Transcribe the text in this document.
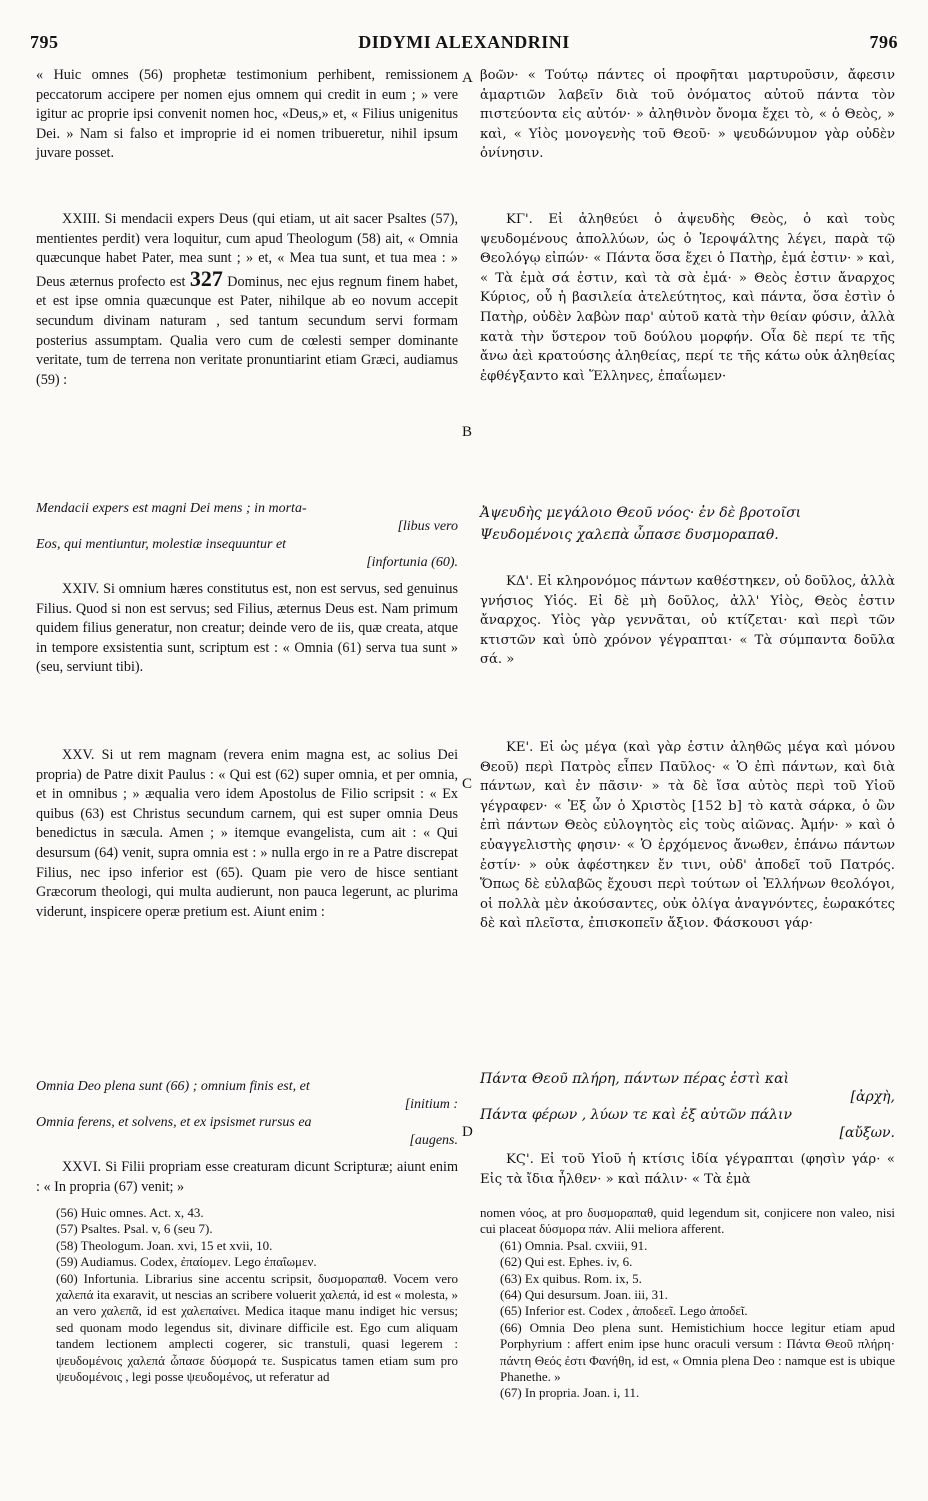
795	DIDYMI ALEXANDRINI	796
A
B
C
D

« Huic omnes (56) prophetæ testimonium perhibent, remissionem peccatorum accipere per nomen ejus omnem qui credit in eum ; » vere igitur ac proprie ipsi convenit nomen hoc, «Deus,» et, « Filius unigenitus Dei. » Nam si falso et improprie id ei nomen tribueretur, nihil ipsum juvare posset.

XXIII. Si mendacii expers Deus (qui etiam, ut ait sacer Psaltes (57), mentientes perdit) vera loquitur, cum apud Theologum (58) ait, « Omnia quæcunque habet Pater, mea sunt ; » et, « Mea tua sunt, et tua mea : » Deus æternus profecto est 327 Dominus, nec ejus regnum finem habet, et est ipse omnia quæcunque est Pater, nihilque ab eo novum accepit secundum divinam naturam , sed tantum secundum servi formam posterius assumptam. Qualia vero cum de cœlesti semper dominante veritate, tum de terrena non veritate pronuntiarint etiam Græci, audiamus (59) :

Mendacii expers est magni Dei mens ; in morta-
[libus vero
Eos, qui mentiuntur, molestiæ insequuntur et
[infortunia (60).

XXIV. Si omnium hæres constitutus est, non est servus, sed genuinus Filius. Quod si non est servus; sed Filius, æternus Deus est. Nam primum quidem filius generatur, non creatur; deinde vero de iis, quæ creata, atque in tempore exsistentia sunt, scriptum est : « Omnia (61) serva tua sunt » (seu, serviunt tibi).

XXV. Si ut rem magnam (revera enim magna est, ac solius Dei propria) de Patre dixit Paulus : « Qui est (62) super omnia, et per omnia, et in omnibus ; » æqualia vero idem Apostolus de Filio scripsit : « Ex quibus (63) est Christus secundum carnem, qui est super omnia Deus benedictus in sæcula. Amen ; » itemque evangelista, cum ait : « Qui desursum (64) venit, supra omnia est : » nulla ergo in re a Patre discrepat Filius, nec ipso inferior est (65). Quam pie vero de hisce sentiant Græcorum theologi, qui multa audierunt, non pauca legerunt, ac plurima viderunt, inspicere operæ pretium est. Aiunt enim :

Omnia Deo plena sunt (66) ; omnium finis est, et
[initium :
Omnia ferens, et solvens, et ex ipsismet rursus ea
[augens.

XXVI. Si Filii propriam esse creaturam dicunt Scripturæ; aiunt enim : « In propria (67) venit; »

βοῶν· « Τούτῳ πάντες οἱ προφῆται μαρτυροῦσιν, ἄφεσιν ἁμαρτιῶν λαβεῖν διὰ τοῦ ὀνόματος αὐτοῦ πάντα τὸν πιστεύοντα εἰς αὐτόν· » ἀληθινὸν ὄνομα ἔχει τὸ, « ὁ Θεὸς, » καὶ, « Υἱὸς μονογενὴς τοῦ Θεοῦ· » ψευδώνυμον γὰρ οὐδὲν ὀνίνησιν.

ΚΓ'. Εἰ ἀληθεύει ὁ ἀψευδὴς Θεὸς, ὁ καὶ τοὺς ψευδομένους ἀπολλύων, ὡς ὁ Ἱεροψάλτης λέγει, παρὰ τῷ Θεολόγῳ εἰπών· « Πάντα ὅσα ἔχει ὁ Πατὴρ, ἐμά ἐστιν· » καὶ, « Τὰ ἐμὰ σά ἐστιν, καὶ τὰ σὰ ἐμά· » Θεὸς ἐστιν ἄναρχος Κύριος, οὗ ἡ βασιλεία ἀτελεύτητος, καὶ πάντα, ὅσα ἐστὶν ὁ Πατὴρ, οὐδὲν λαβὼν παρ' αὐτοῦ κατὰ τὴν θείαν φύσιν, ἀλλὰ κατὰ τὴν ὕστερον τοῦ δούλου μορφήν. Οἷα δὲ περί τε τῆς ἄνω ἀεὶ κρατούσης ἀληθείας, περί τε τῆς κάτω οὐκ ἀληθείας ἐφθέγξαντο καὶ Ἕλληνες, ἐπαΐωμεν·

Ἀψευδὴς μεγάλοιο Θεοῦ νόος· ἐν δὲ βροτοῖσι
Ψευδομένοις χαλεπὰ ὦπασε δυσμοραπαθ.

ΚΔ'. Εἰ κληρονόμος πάντων καθέστηκεν, οὐ δοῦλος, ἀλλὰ γνήσιος Υἱός. Εἰ δὲ μὴ δοῦλος, ἀλλ' Υἱὸς, Θεὸς ἐστιν ἄναρχος. Υἱὸς γὰρ γεννᾶται, οὐ κτίζεται· καὶ περὶ τῶν κτιστῶν καὶ ὑπὸ χρόνον γέγραπται· « Τὰ σύμπαντα δοῦλα σά. »

ΚΕ'. Εἰ ὡς μέγα (καὶ γὰρ ἐστιν ἀληθῶς μέγα καὶ μόνου Θεοῦ) περὶ Πατρὸς εἶπεν Παῦλος· « Ὁ ἐπὶ πάντων, καὶ διὰ πάντων, καὶ ἐν πᾶσιν· » τὰ δὲ ἴσα αὐτὸς περὶ τοῦ Υἱοῦ γέγραφεν· « Ἐξ ὧν ὁ Χριστὸς [152 b] τὸ κατὰ σάρκα, ὁ ὢν ἐπὶ πάντων Θεὸς εὐλογητὸς εἰς τοὺς αἰῶνας. Ἀμήν· » καὶ ὁ εὐαγγελιστὴς φησιν· « Ὁ ἐρχόμενος ἄνωθεν, ἐπάνω πάντων ἐστίν· » οὐκ ἀφέστηκεν ἔν τινι, οὐδ' ἀποδεῖ τοῦ Πατρός. Ὅπως δὲ εὐλαβῶς ἔχουσι περὶ τούτων οἱ Ἑλλήνων θεολόγοι, οἱ πολλὰ μὲν ἀκούσαντες, οὐκ ὀλίγα ἀναγνόντες, ἑωρακότες δὲ καὶ πλεῖστα, ἐπισκοπεῖν ἄξιον. Φάσκουσι γάρ·

Πάντα Θεοῦ πλήρη, πάντων πέρας ἐστὶ καὶ
[ἀρχὴ,
Πάντα φέρων , λύων τε καὶ ἐξ αὐτῶν πάλιν
[αὔξων.

ΚϚ'. Εἰ τοῦ Υἱοῦ ἡ κτίσις ἰδία γέγραπται (φησὶν γάρ· « Εἰς τὰ ἴδια ἦλθεν· » καὶ πάλιν· « Τὰ ἐμὰ

(56) Huic omnes. Act. x, 43.

(57) Psaltes. Psal. v, 6 (seu 7).

(58) Theologum. Joan. xvi, 15 et xvii, 10.

(59) Audiamus. Codex, ἐπαίομεν. Lego ἐπαΐωμεν.

(60) Infortunia. Librarius sine accentu scripsit, δυσμοραπαθ. Vocem vero χαλεπά ita exaravit, ut nescias an scribere voluerit χαλεπά, id est « molesta, » an vero χαλεπᾶ, id est χαλεπαίνει. Medica itaque manu indiget hic versus; sed quonam modo legendus sit, divinare difficile est. Ego cum aliquam tandem lectionem amplecti cogerer, sic transtuli, quasi legerem : ψευδομένοις χαλεπά ὦπασε δύσμορά τε. Suspicatus tamen etiam sum pro ψευδομένοις , legi posse ψευδομένος, ut referatur ad

nomen νόος, at pro δυσμοραπαθ, quid legendum sit, conjicere non valeo, nisi cui placeat δύσμορα πάν. Alii meliora afferent.

(61) Omnia. Psal. cxviii, 91.

(62) Qui est. Ephes. iv, 6.

(63) Ex quibus. Rom. ix, 5.

(64) Qui desursum. Joan. iii, 31.

(65) Inferior est. Codex , ἀποδεεῖ. Lego ἀποδεῖ.

(66) Omnia Deo plena sunt. Hemistichium hocce legitur etiam apud Porphyrium : affert enim ipse hunc oraculi versum : Πάντα Θεοῦ πλήρη· πάντη Θεός ἐστι Φανήθη, id est, « Omnia plena Deo : namque est is ubique Phanethe. »

(67) In propria. Joan. i, 11.
